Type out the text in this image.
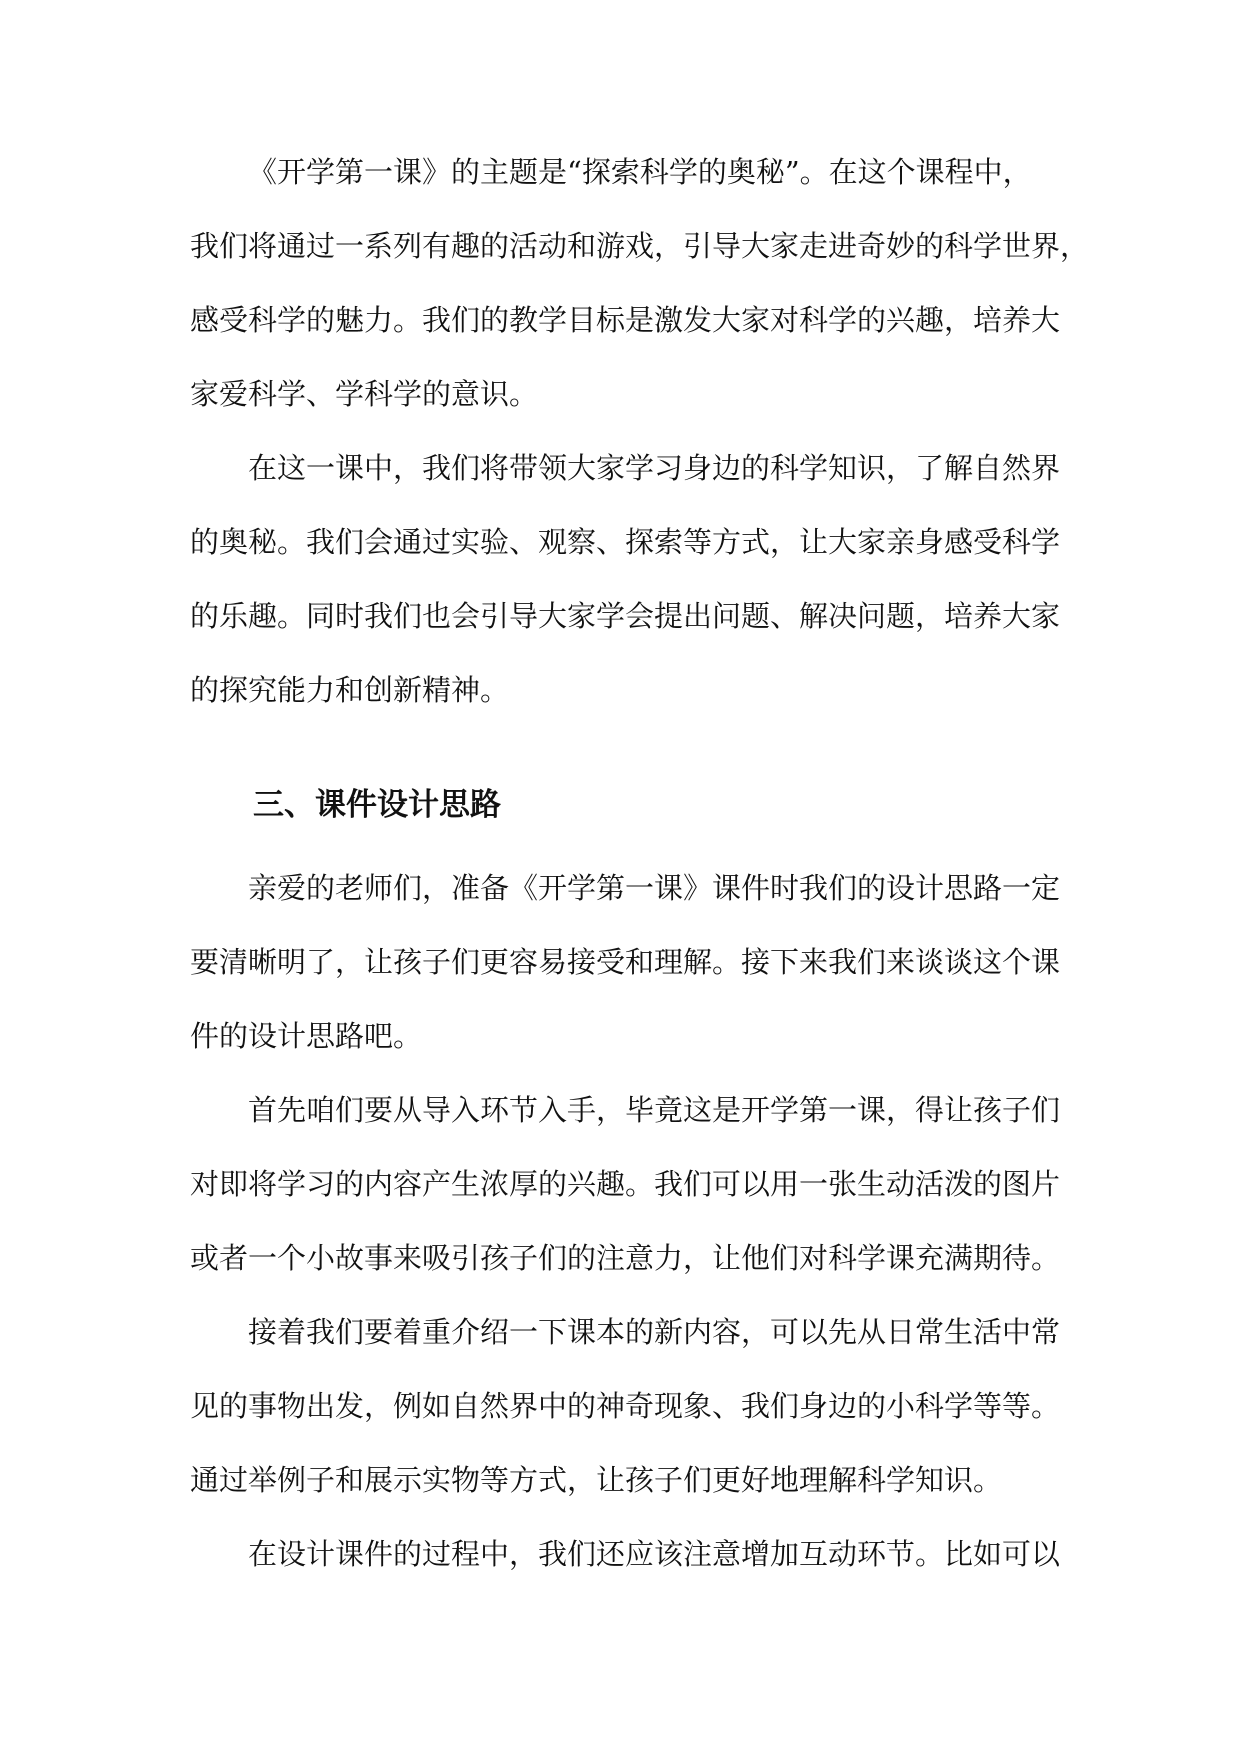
《开学第一课》的主题是“探索科学的奥秘”。在这个课程中，
我们将通过一系列有趣的活动和游戏，引导大家走进奇妙的科学世界，
感受科学的魅力。我们的教学目标是激发大家对科学的兴趣，培养大
家爱科学、学科学的意识。
在这一课中，我们将带领大家学习身边的科学知识，了解自然界
的奥秘。我们会通过实验、观察、探索等方式，让大家亲身感受科学
的乐趣。同时我们也会引导大家学会提出问题、解决问题，培养大家
的探究能力和创新精神。
三、课件设计思路
亲爱的老师们，准备《开学第一课》课件时我们的设计思路一定
要清晰明了，让孩子们更容易接受和理解。接下来我们来谈谈这个课
件的设计思路吧。
首先咱们要从导入环节入手，毕竟这是开学第一课，得让孩子们
对即将学习的内容产生浓厚的兴趣。我们可以用一张生动活泼的图片
或者一个小故事来吸引孩子们的注意力，让他们对科学课充满期待。
接着我们要着重介绍一下课本的新内容，可以先从日常生活中常
见的事物出发，例如自然界中的神奇现象、我们身边的小科学等等。
通过举例子和展示实物等方式，让孩子们更好地理解科学知识。
在设计课件的过程中，我们还应该注意增加互动环节。比如可以
